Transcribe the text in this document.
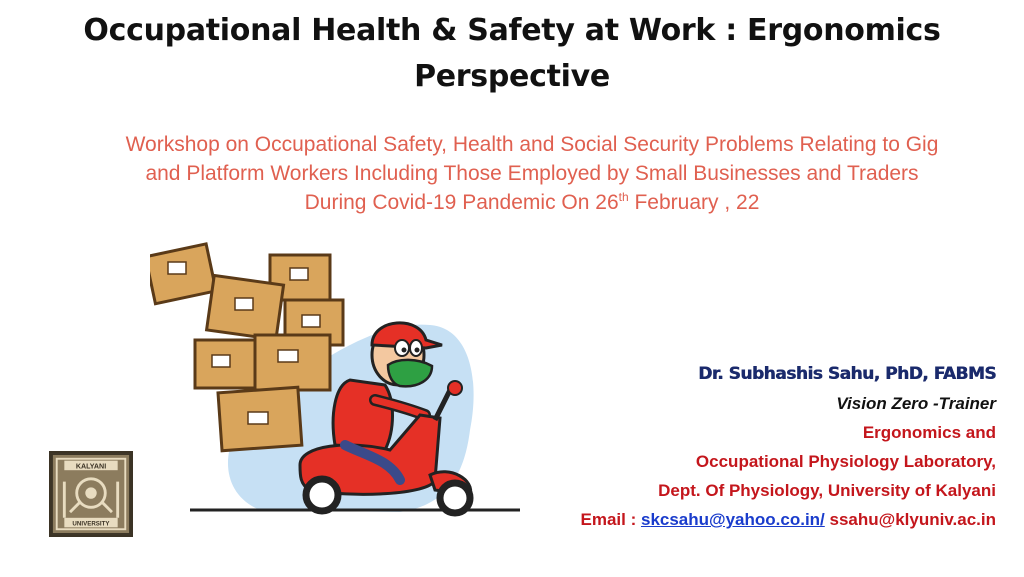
Occupational Health & Safety at Work : Ergonomics
Perspective
Workshop on Occupational Safety, Health and Social Security Problems Relating to Gig
and Platform Workers Including Those Employed by Small Businesses and Traders
During Covid-19 Pandemic On 26th February , 22
Dr. Subhashis Sahu, PhD, FABMS
Vision Zero -Trainer
Ergonomics and
Occupational Physiology Laboratory,
Dept. Of Physiology, University of Kalyani
Email : skcsahu@yahoo.co.in/ ssahu@klyuniv.ac.in
KALYANI
UNIVERSITY
